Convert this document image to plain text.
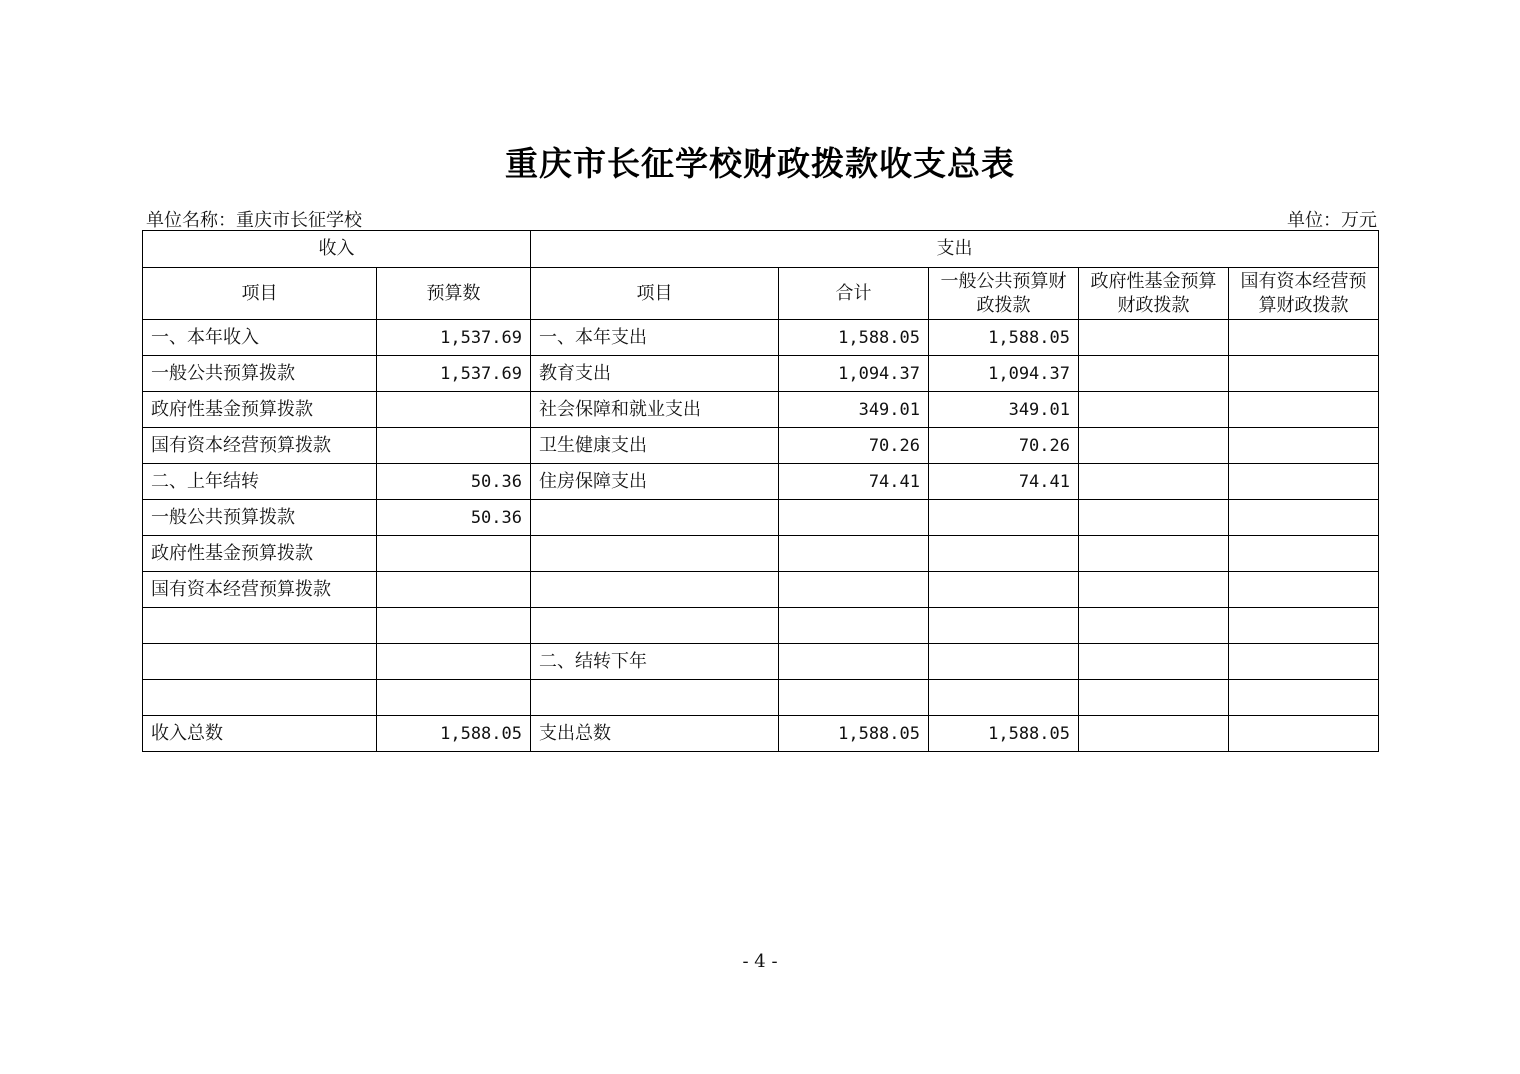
重庆市长征学校财政拨款收支总表
单位名称：重庆市长征学校	单位：万元
收入		支出				
项目	预算数	项目	合计	一般公共预算财政拨款	政府性基金预算财政拨款	国有资本经营预算财政拨款
一、本年收入	1,537.69	一、本年支出	1,588.05	1,588.05		
一般公共预算拨款	1,537.69	教育支出	1,094.37	1,094.37		
政府性基金预算拨款		社会保障和就业支出	349.01	349.01		
国有资本经营预算拨款		卫生健康支出	70.26	70.26		
二、上年结转	50.36	住房保障支出	74.41	74.41		
一般公共预算拨款	50.36					
政府性基金预算拨款						
国有资本经营预算拨款						

		二、结转下年				

收入总数	1,588.05	支出总数	1,588.05	1,588.05		
- 4 -
